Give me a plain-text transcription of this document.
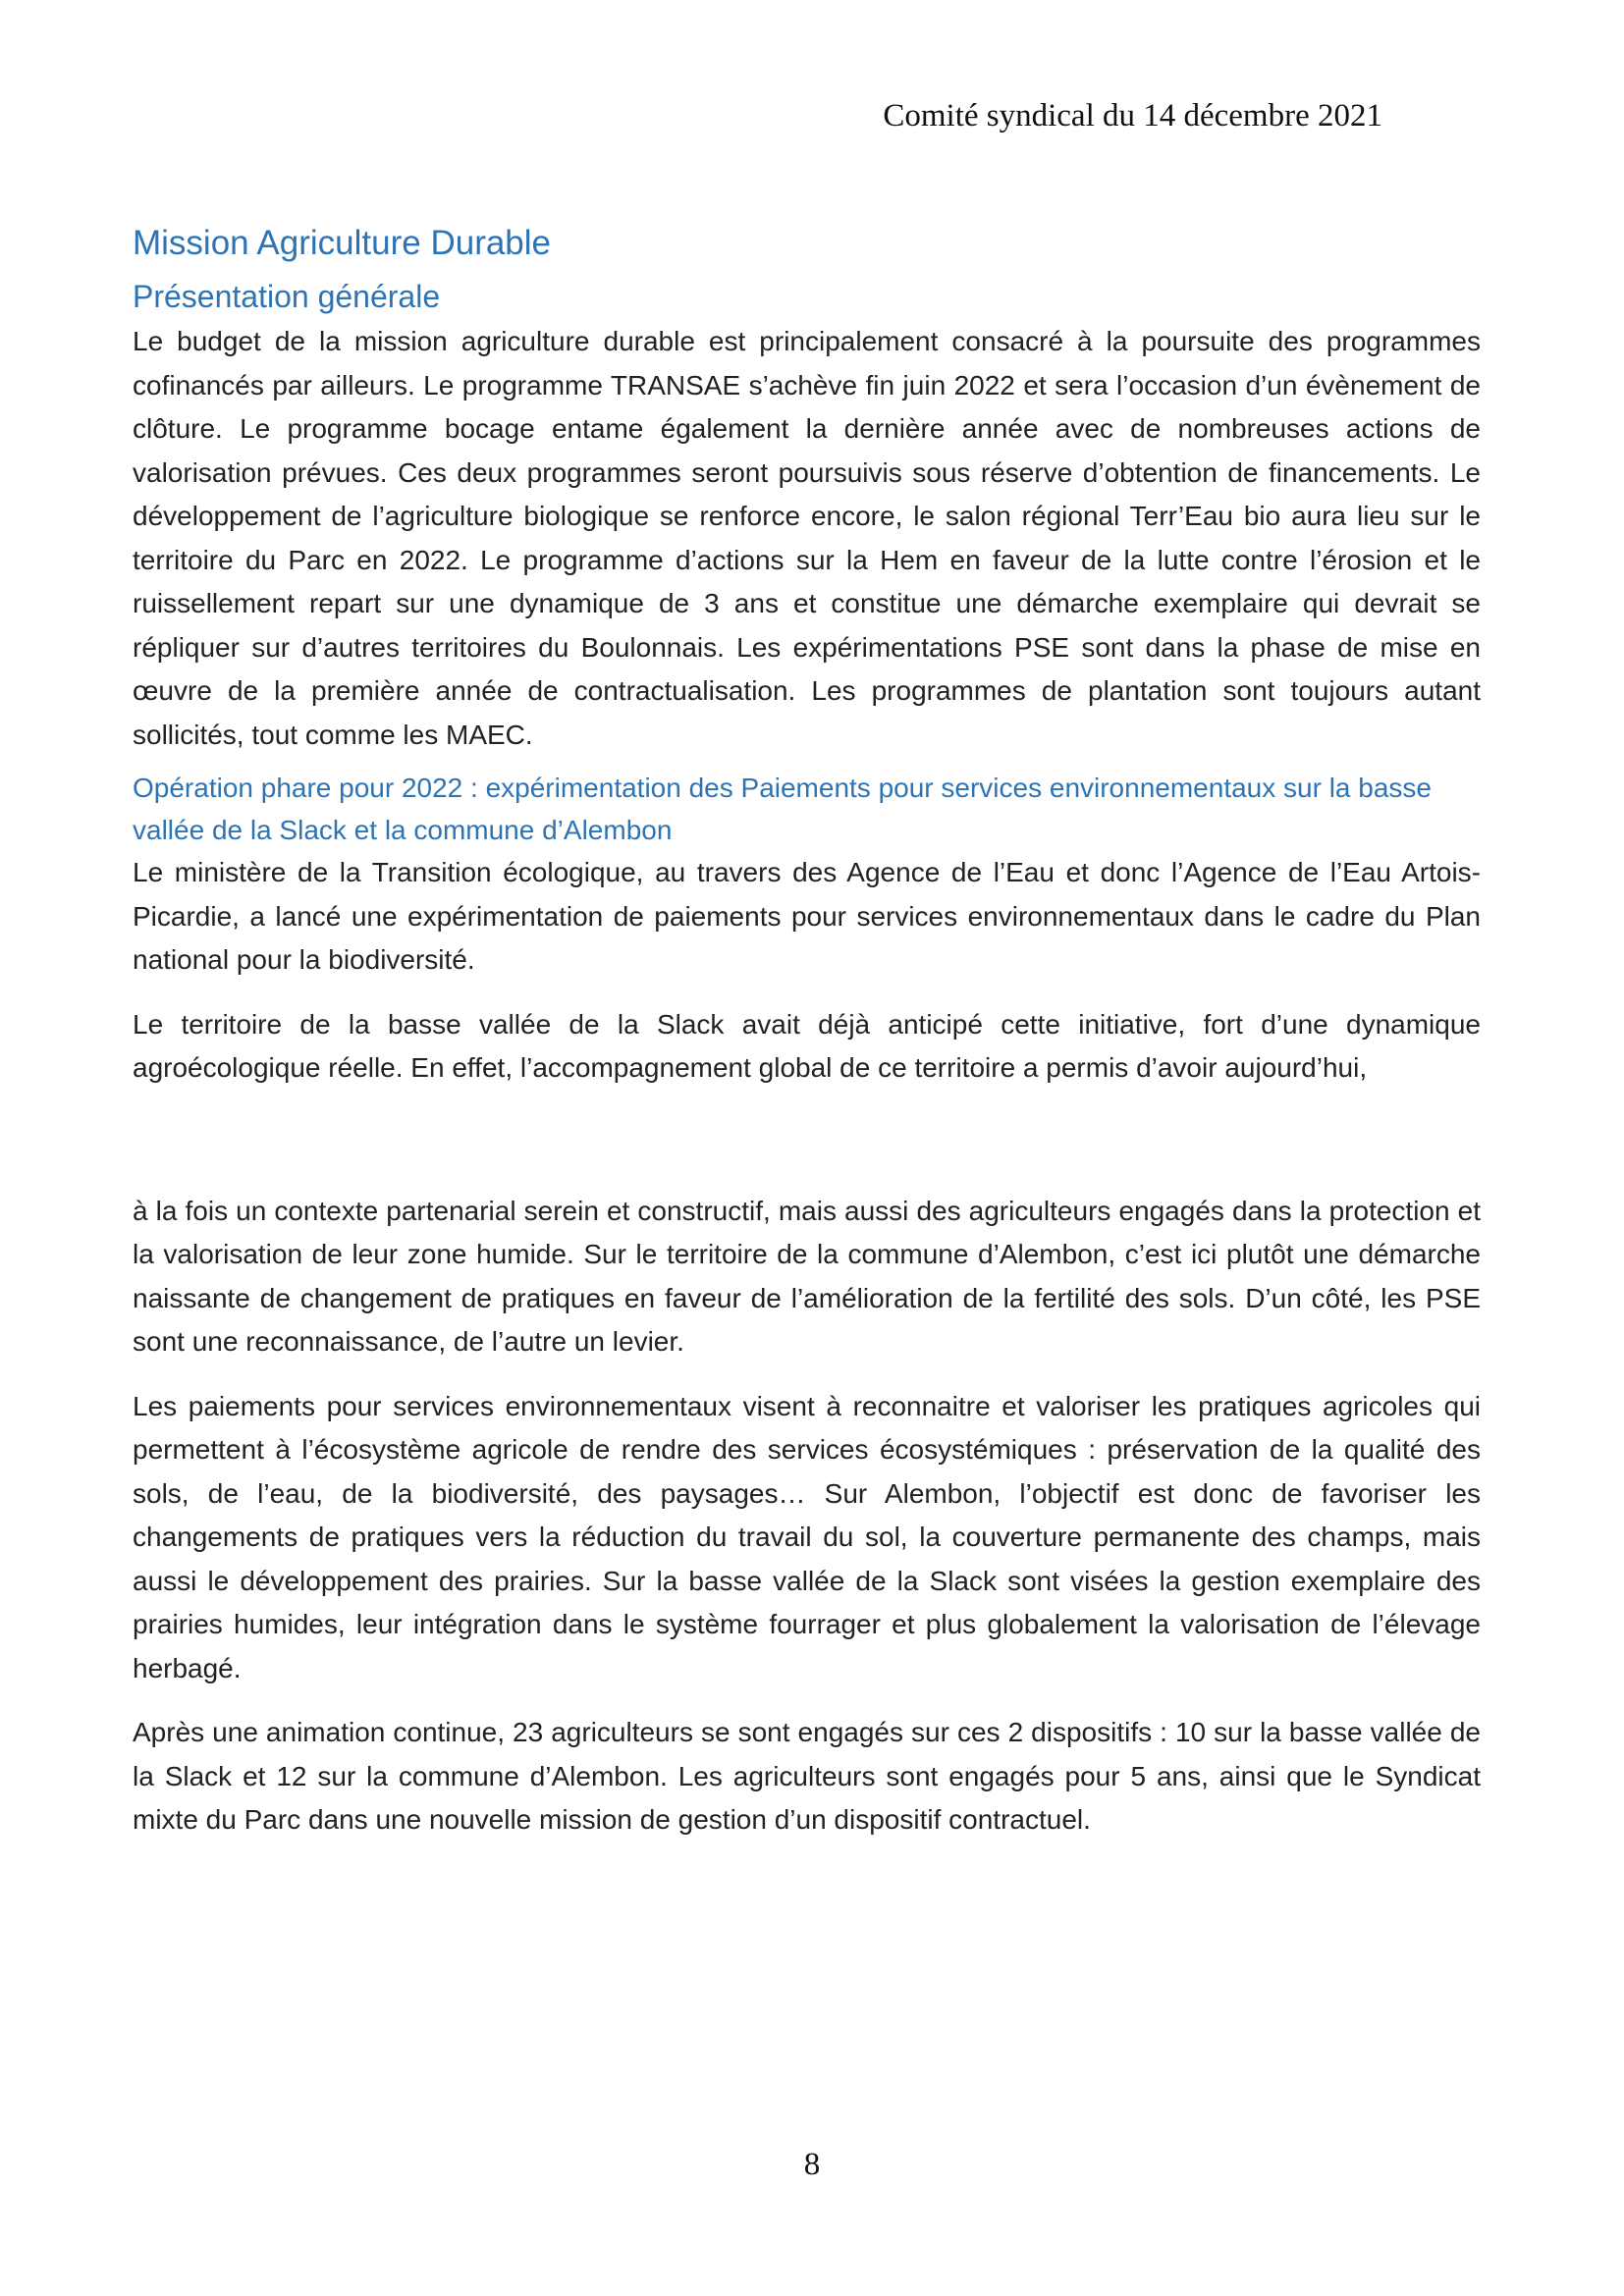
Comité syndical du 14 décembre 2021
Mission Agriculture Durable
Présentation générale

Le budget de la mission agriculture durable est principalement consacré à la poursuite des programmes cofinancés par ailleurs. Le programme TRANSAE s’achève fin juin 2022 et sera l’occasion d’un évènement de clôture. Le programme bocage entame également la dernière année avec de nombreuses actions de valorisation prévues. Ces deux programmes seront poursuivis sous réserve d’obtention de financements. Le développement de l’agriculture biologique se renforce encore, le salon régional Terr’Eau bio aura lieu sur le territoire du Parc en 2022. Le programme d’actions sur la Hem en faveur de la lutte contre l’érosion et le ruissellement repart sur une dynamique de 3 ans et constitue une démarche exemplaire qui devrait se répliquer sur d’autres territoires du Boulonnais. Les expérimentations PSE sont dans la phase de mise en œuvre de la première année de contractualisation. Les programmes de plantation sont toujours autant sollicités, tout comme les MAEC.

Opération phare pour 2022 : expérimentation des Paiements pour services environnementaux sur la basse vallée de la Slack et la commune d’Alembon

Le ministère de la Transition écologique, au travers des Agence de l’Eau et donc l’Agence de l’Eau Artois-Picardie, a lancé une expérimentation de paiements pour services environnementaux dans le cadre du Plan national pour la biodiversité.

Le territoire de la basse vallée de la Slack avait déjà anticipé cette initiative, fort d’une dynamique agroécologique réelle. En effet, l’accompagnement global de ce territoire a permis d’avoir aujourd’hui,

à la fois un contexte partenarial serein et constructif, mais aussi des agriculteurs engagés dans la protection et la valorisation de leur zone humide. Sur le territoire de la commune d’Alembon, c’est ici plutôt une démarche naissante de changement de pratiques en faveur de l’amélioration de la fertilité des sols. D’un côté, les PSE sont une reconnaissance, de l’autre un levier.

Les paiements pour services environnementaux visent à reconnaitre et valoriser les pratiques agricoles qui permettent à l’écosystème agricole de rendre des services écosystémiques : préservation de la qualité des sols, de l’eau, de la biodiversité, des paysages… Sur Alembon, l’objectif est donc de favoriser les changements de pratiques vers la réduction du travail du sol, la couverture permanente des champs, mais aussi le développement des prairies. Sur la basse vallée de la Slack sont visées la gestion exemplaire des prairies humides, leur intégration dans le système fourrager et plus globalement la valorisation de l’élevage herbagé.

Après une animation continue, 23 agriculteurs se sont engagés sur ces 2 dispositifs : 10 sur la basse vallée de la Slack et 12 sur la commune d’Alembon. Les agriculteurs sont engagés pour 5 ans, ainsi que le Syndicat mixte du Parc dans une nouvelle mission de gestion d’un dispositif contractuel.

8
